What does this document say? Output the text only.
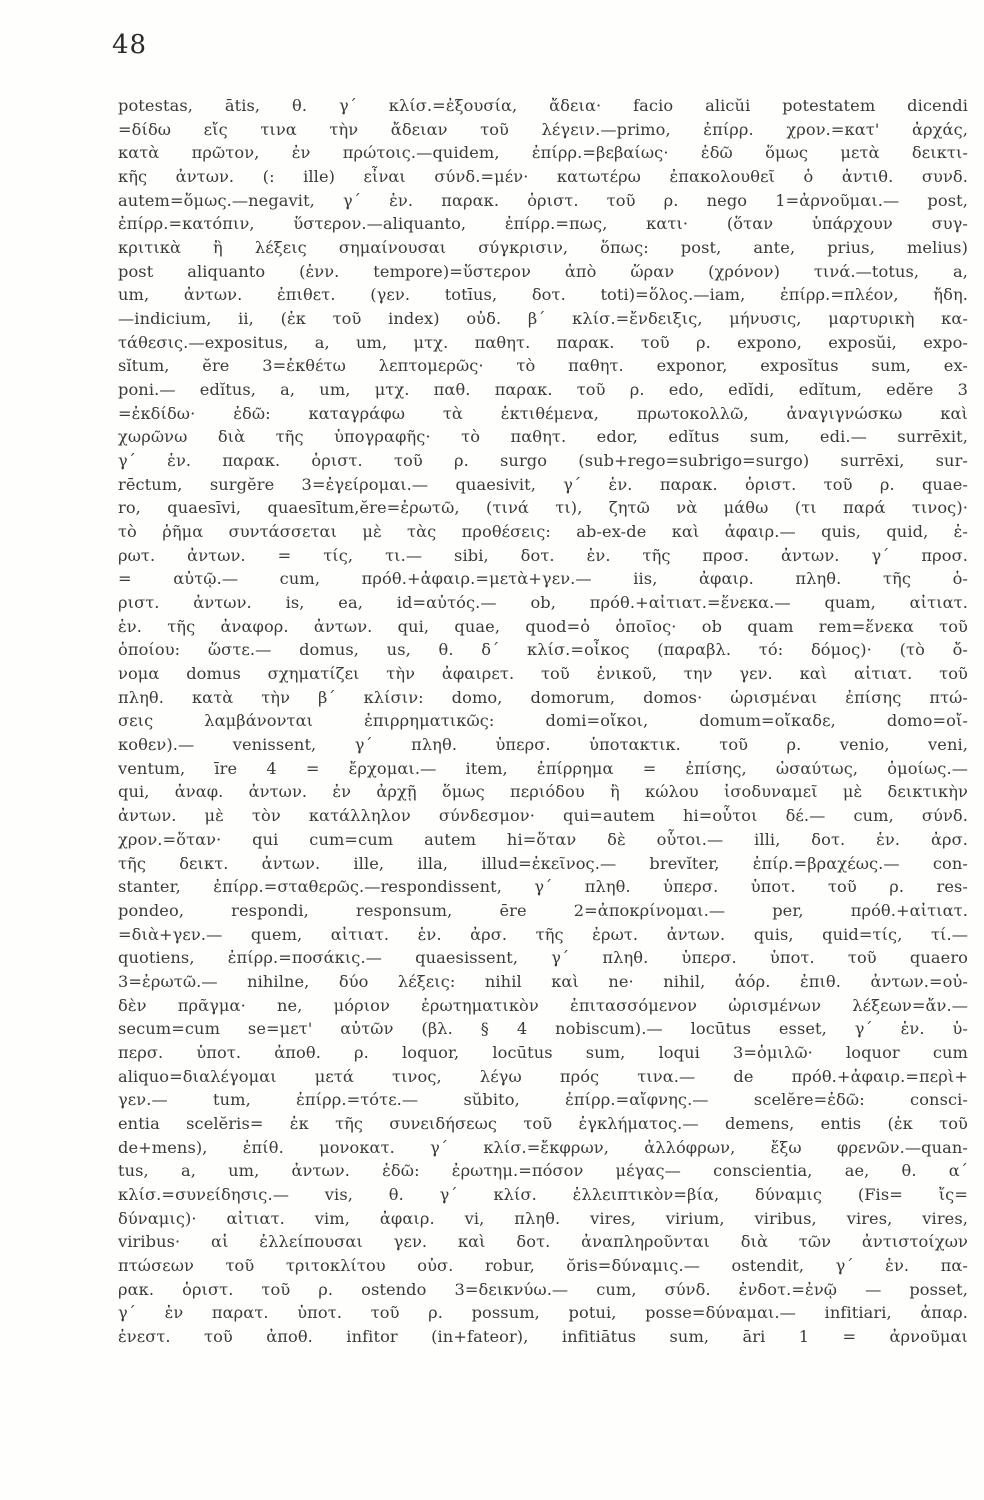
48
potestas, ātis, θ. γ΄ κλίσ.=ἐξουσία, ἄδεια· facio alicŭi potestatem dicendi
=δίδω εἴς τινα τὴν ἄδειαν τοῦ λέγειν.—primo, ἐπίρρ. χρον.=κατ' ἀρχάς,
κατὰ πρῶτον, ἐν πρώτοις.—quidem, ἐπίρρ.=βεβαίως· ἐδῶ ὅμως μετὰ δεικτι-
κῆς ἀντων. (: ille) εἶναι σύνδ.=μέν· κατωτέρω ἐπακολουθεῖ ὁ ἀντιθ. συνδ.
autem=ὅμως.—negavit, γ΄ ἑν. παρακ. ὁριστ. τοῦ ρ. nego 1=ἀρνοῦμαι.— post,
ἐπίρρ.=κατόπιν, ὕστερον.—aliquanto, ἐπίρρ.=πως, κατι· (ὅταν ὑπάρχουν συγ-
κριτικὰ ἢ λέξεις σημαίνουσαι σύγκρισιν, ὅπως: post, ante, prius, melius)
post aliquanto (ἐνν. tempore)=ὕστερον ἀπὸ ὥραν (χρόνον) τινά.—totus, a,
um, ἀντων. ἐπιθετ. (γεν. totīus, δοτ. toti)=ὅλος.—iam, ἐπίρρ.=πλέον, ἤδη.
—indicium, ii, (ἐκ τοῦ index) οὐδ. β΄ κλίσ.=ἔνδειξις, μήνυσις, μαρτυρικὴ κα-
τάθεσις.—expositus, a, um, μτχ. παθητ. παρακ. τοῦ ρ. expono, exposŭi, expo-
sĭtum, ĕre 3=ἐκθέτω λεπτομερῶς· τὸ παθητ. exponor, exposĭtus sum, ex-
poni.— edĭtus, a, um, μτχ. παθ. παρακ. τοῦ ρ. edo, edĭdi, edĭtum, edĕre 3
=ἐκδίδω· ἐδῶ: καταγράφω τὰ ἐκτιθέμενα, πρωτοκολλῶ, ἀναγιγνώσκω καὶ
χωρῶνω διὰ τῆς ὑπογραφῆς· τὸ παθητ. edor, edĭtus sum, edi.— surrēxit,
γ΄ ἑν. παρακ. ὁριστ. τοῦ ρ. surgo (sub+rego=subrigo=surgo) surrēxi, sur-
rēctum, surgĕre 3=ἐγείρομαι.— quaesivit, γ΄ ἑν. παρακ. ὁριστ. τοῦ ρ. quae-
ro, quaesīvi, quaesītum,ĕre=ἐρωτῶ, (τινά τι), ζητῶ νὰ μάθω (τι παρά τινος)·
τὸ ῥῆμα συντάσσεται μὲ τὰς προθέσεις: ab-ex-de καὶ ἀφαιρ.— quis, quid, ἐ-
ρωτ. ἀντων. = τίς, τι.— sibi, δοτ. ἑν. τῆς προσ. ἀντων. γ΄ προσ.
= αὐτῷ.— cum, πρόθ.+ἀφαιρ.=μετὰ+γεν.— iis, ἀφαιρ. πληθ. τῆς ὁ-
ριστ. ἀντων. is, ea, id=αὐτός.— ob, πρόθ.+αἰτιατ.=ἕνεκα.— quam, αἰτιατ.
ἑν. τῆς ἀναφορ. ἀντων. qui, quae, quod=ὁ ὁποῖος· ob quam rem=ἕνεκα τοῦ
ὁποίου: ὥστε.— domus, us, θ. δ΄ κλίσ.=οἶκος (παραβλ. τό: δόμος)· (τὸ ὄ-
νομα domus σχηματίζει τὴν ἀφαιρετ. τοῦ ἑνικοῦ, την γεν. καὶ αἰτιατ. τοῦ
πληθ. κατὰ τὴν β΄ κλίσιν: domo, domorum, domos· ὡρισμέναι ἐπίσης πτώ-
σεις λαμβάνονται ἐπιρρηματικῶς: domi=οἴκοι, domum=οἴκαδε, domo=οἴ-
κοθεν).— venissent, γ΄ πληθ. ὑπερσ. ὑποτακτικ. τοῦ ρ. venio, veni,
ventum, īre 4 = ἔρχομαι.— item, ἐπίρρημα = ἐπίσης, ὡσαύτως, ὁμοίως.—
qui, ἀναφ. ἀντων. ἐν ἀρχῇ ὅμως περιόδου ἢ κώλου ἰσοδυναμεῖ μὲ δεικτικὴν
ἀντων. μὲ τὸν κατάλληλον σύνδεσμον· qui=autem hi=οὗτοι δέ.— cum, σύνδ.
χρον.=ὅταν· qui cum=cum autem hi=ὅταν δὲ οὗτοι.— illi, δοτ. ἑν. ἀρσ.
τῆς δεικτ. ἀντων. ille, illa, illud=ἐκεῖνος.— brevĭter, ἐπίρ.=βραχέως.— con-
stanter, ἐπίρρ.=σταθερῶς.—respondissent, γ΄ πληθ. ὑπερσ. ὑποτ. τοῦ ρ. res-
pondeo, respondi, responsum, ēre 2=ἀποκρίνομαι.— per, πρόθ.+αἰτιατ.
=διὰ+γεν.— quem, αἰτιατ. ἑν. ἀρσ. τῆς ἐρωτ. ἀντων. quis, quid=τίς, τί.—
quotiens, ἐπίρρ.=ποσάκις.— quaesissent, γ΄ πληθ. ὑπερσ. ὑποτ. τοῦ quaero
3=ἐρωτῶ.— nihilne, δύο λέξεις: nihil καὶ ne· nihil, ἀόρ. ἐπιθ. ἀντων.=οὐ-
δὲν πρᾶγμα· ne, μόριον ἐρωτηματικὸν ἐπιτασσόμενον ὡρισμένων λέξεων=ἄν.—
secum=cum se=μετ' αὐτῶν (βλ. § 4 nobiscum).— locūtus esset, γ΄ ἑν. ὑ-
περσ. ὑποτ. ἀποθ. ρ. loquor, locūtus sum, loqui 3=ὁμιλῶ· loquor cum
aliquo=διαλέγομαι μετά τινος, λέγω πρός τινα.— de πρόθ.+ἀφαιρ.=περὶ+
γεν.— tum, ἐπίρρ.=τότε.— sŭbito, ἐπίρρ.=αἴφνης.— scelĕre=ἐδῶ: consci-
entia scelĕris= ἐκ τῆς συνειδήσεως τοῦ ἐγκλήματος.— demens, entis (ἐκ τοῦ
de+mens), ἐπίθ. μονοκατ. γ΄ κλίσ.=ἔκφρων, ἀλλόφρων, ἔξω φρενῶν.—quan-
tus, a, um, ἀντων. ἐδῶ: ἐρωτημ.=πόσον μέγας— conscientia, ae, θ. α΄
κλίσ.=συνείδησις.— vis, θ. γ΄ κλίσ. ἐλλειπτικὸν=βία, δύναμις (Fis= ἴς=
δύναμις)· αἰτιατ. vim, ἀφαιρ. vi, πληθ. vires, virium, viribus, vires, vires,
viribus· αἱ ἐλλείπουσαι γεν. καὶ δοτ. ἀναπληροῦνται διὰ τῶν ἀντιστοίχων
πτώσεων τοῦ τριτοκλίτου οὐσ. robur, ŏris=δύναμις.— ostendit, γ΄ ἑν. πα-
ρακ. ὁριστ. τοῦ ρ. ostendo 3=δεικνύω.— cum, σύνδ. ἐνδοτ.=ἐνῷ — posset,
γ΄ ἑν παρατ. ὑποτ. τοῦ ρ. possum, potui, posse=δύναμαι.— infitiari, ἀπαρ.
ἐνεστ. τοῦ ἀποθ. infitor (in+fateor), infitiātus sum, āri 1 = ἀρνοῦμαι
